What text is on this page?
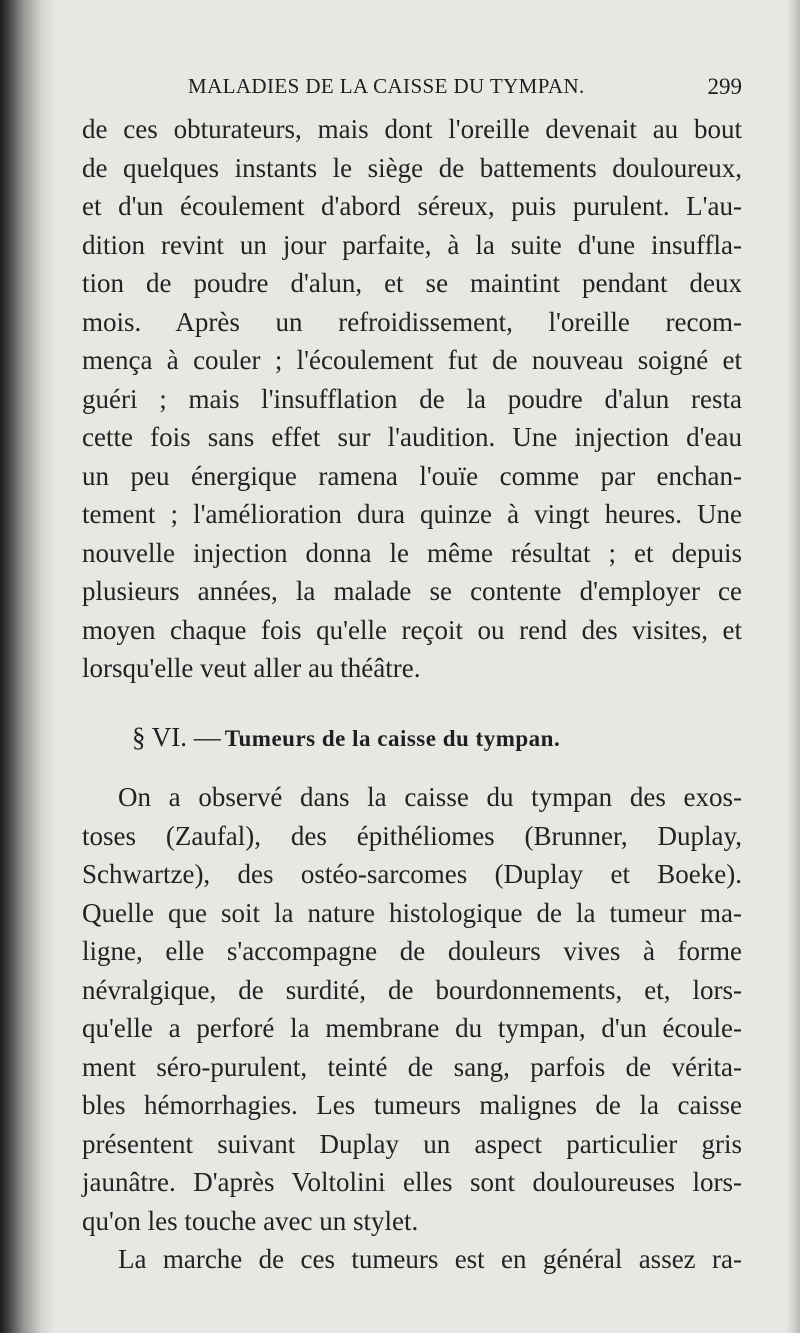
MALADIES DE LA CAISSE DU TYMPAN.	299
de ces obturateurs, mais dont l'oreille devenait au bout
de quelques instants le siège de battements douloureux,
et d'un écoulement d'abord séreux, puis purulent. L'au-
dition revint un jour parfaite, à la suite d'une insuffla-
tion de poudre d'alun, et se maintint pendant deux
mois. Après un refroidissement, l'oreille recom-
mença à couler ; l'écoulement fut de nouveau soigné et
guéri ; mais l'insufflation de la poudre d'alun resta
cette fois sans effet sur l'audition. Une injection d'eau
un peu énergique ramena l'ouïe comme par enchan-
tement ; l'amélioration dura quinze à vingt heures. Une
nouvelle injection donna le même résultat ; et depuis
plusieurs années, la malade se contente d'employer ce
moyen chaque fois qu'elle reçoit ou rend des visites, et
lorsqu'elle veut aller au théâtre.
§ VI. — Tumeurs de la caisse du tympan.
On a observé dans la caisse du tympan des exos-
toses (Zaufal), des épithéliomes (Brunner, Duplay,
Schwartze), des ostéo-sarcomes (Duplay et Boeke).
Quelle que soit la nature histologique de la tumeur ma-
ligne, elle s'accompagne de douleurs vives à forme
névralgique, de surdité, de bourdonnements, et, lors-
qu'elle a perforé la membrane du tympan, d'un écoule-
ment séro-purulent, teinté de sang, parfois de vérita-
bles hémorrhagies. Les tumeurs malignes de la caisse
présentent suivant Duplay un aspect particulier gris
jaunâtre. D'après Voltolini elles sont douloureuses lors-
qu'on les touche avec un stylet.
La marche de ces tumeurs est en général assez ra-
